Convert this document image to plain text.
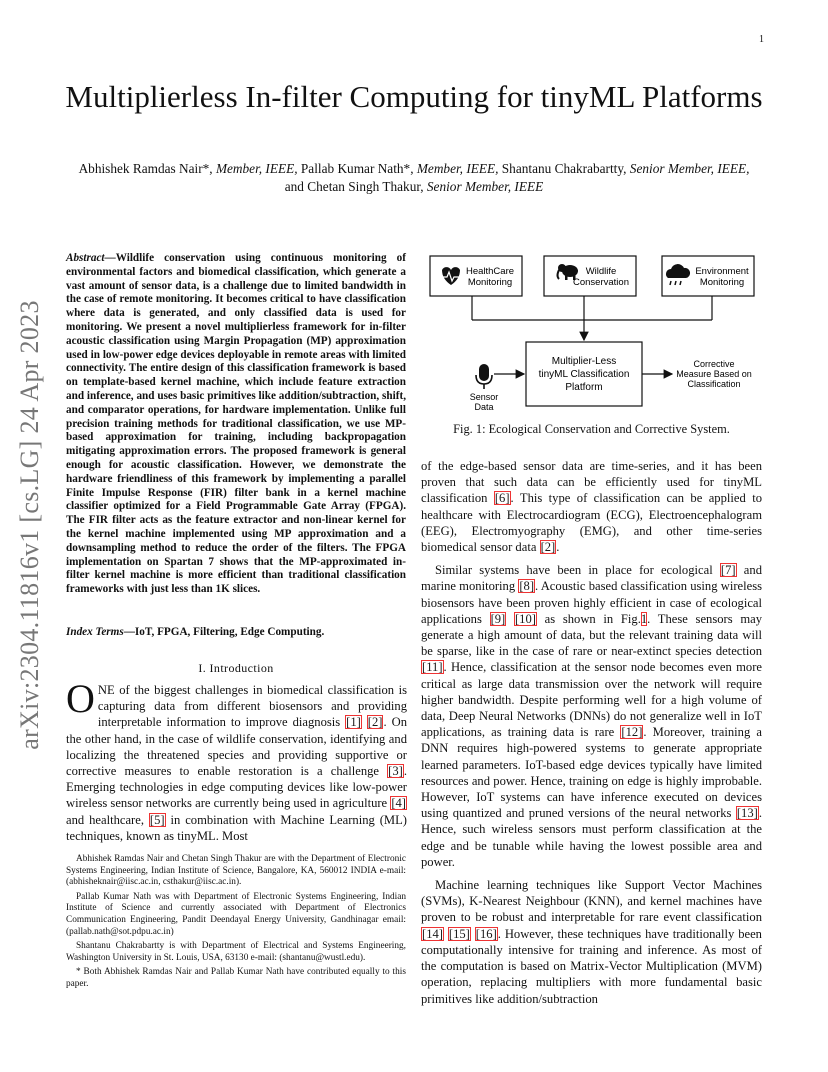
1
arXiv:2304.11816v1 [cs.LG] 24 Apr 2023
Multiplierless In-filter Computing for tinyML Platforms
Abhishek Ramdas Nair*, Member, IEEE, Pallab Kumar Nath*, Member, IEEE, Shantanu Chakrabartty, Senior Member, IEEE, and Chetan Singh Thakur, Senior Member, IEEE
Abstract—Wildlife conservation using continuous monitoring of environmental factors and biomedical classification, which generate a vast amount of sensor data, is a challenge due to limited bandwidth in the case of remote monitoring. It becomes critical to have classification where data is generated, and only classified data is used for monitoring. We present a novel multiplierless framework for in-filter acoustic classification using Margin Propagation (MP) approximation used in low-power edge devices deployable in remote areas with limited connectivity. The entire design of this classification framework is based on template-based kernel machine, which include feature extraction and inference, and uses basic primitives like addition/subtraction, shift, and comparator operations, for hardware implementation. Unlike full precision training methods for traditional classification, we use MP-based approximation for training, including backpropagation mitigating approximation errors. The proposed framework is general enough for acoustic classification. However, we demonstrate the hardware friendliness of this framework by implementing a parallel Finite Impulse Response (FIR) filter bank in a kernel machine classifier optimized for a Field Programmable Gate Array (FPGA). The FIR filter acts as the feature extractor and non-linear kernel for the kernel machine implemented using MP approximation and a downsampling method to reduce the order of the filters. The FPGA implementation on Spartan 7 shows that the MP-approximated in-filter kernel machine is more efficient than traditional classification frameworks with just less than 1K slices.
Index Terms—IoT, FPGA, Filtering, Edge Computing.
I. Introduction
ONE of the biggest challenges in biomedical classification is capturing data from different biosensors and providing interpretable information to improve diagnosis [1] [2]. On the other hand, in the case of wildlife conservation, identifying and localizing the threatened species and providing supportive or corrective measures to enable restoration is a challenge [3]. Emerging technologies in edge computing devices like low-power wireless sensor networks are currently being used in agriculture [4] and healthcare, [5] in combination with Machine Learning (ML) techniques, known as tinyML. Most

Abhishek Ramdas Nair and Chetan Singh Thakur are with the Department of Electronic Systems Engineering, Indian Institute of Science, Bangalore, KA, 560012 INDIA e-mail: (abhisheknair@iisc.ac.in, csthakur@iisc.ac.in).

Pallab Kumar Nath was with Department of Electronic Systems Engineering, Indian Institute of Science and currently associated with Department of Electronics Communication Engineering, Pandit Deendayal Energy University, Gandhinagar email: (pallab.nath@sot.pdpu.ac.in)

Shantanu Chakrabartty is with Department of Electrical and Systems Engineering, Washington University in St. Louis, USA, 63130 e-mail: (shantanu@wustl.edu).

* Both Abhishek Ramdas Nair and Pallab Kumar Nath have contributed equally to this paper.

HealthCare
Monitoring
Wildlife
Conservation
Environment
Monitoring
Multiplier-Less
tinyML Classification
Platform
Sensor
Data
Corrective
Measure Based on
Classification
Fig. 1: Ecological Conservation and Corrective System.

of the edge-based sensor data are time-series, and it has been proven that such data can be efficiently used for tinyML classification [6]. This type of classification can be applied to healthcare with Electrocardiogram (ECG), Electroencephalogram (EEG), Electromyography (EMG), and other time-series biomedical sensor data [2].

Similar systems have been in place for ecological [7] and marine monitoring [8]. Acoustic based classification using wireless biosensors have been proven highly efficient in case of ecological applications [9] [10] as shown in Fig.1. These sensors may generate a high amount of data, but the relevant training data will be sparse, like in the case of rare or near-extinct species detection [11]. Hence, classification at the sensor node becomes even more critical as large data transmission over the network will require higher bandwidth. Despite performing well for a high volume of data, Deep Neural Networks (DNNs) do not generalize well in IoT applications, as training data is rare [12]. Moreover, training a DNN requires high-powered systems to generate appropriate learned parameters. IoT-based edge devices typically have limited resources and power. Hence, training on edge is highly improbable. However, IoT systems can have inference executed on devices using quantized and pruned versions of the neural networks [13]. Hence, such wireless sensors must perform classification at the edge and be tunable while having the lowest possible area and power.

Machine learning techniques like Support Vector Machines (SVMs), K-Nearest Neighbour (KNN), and kernel machines have proven to be robust and interpretable for rare event classification [14] [15] [16]. However, these techniques have traditionally been computationally intensive for training and inference. As most of the computation is based on Matrix-Vector Multiplication (MVM) operation, replacing multipliers with more fundamental basic primitives like addition/subtraction
